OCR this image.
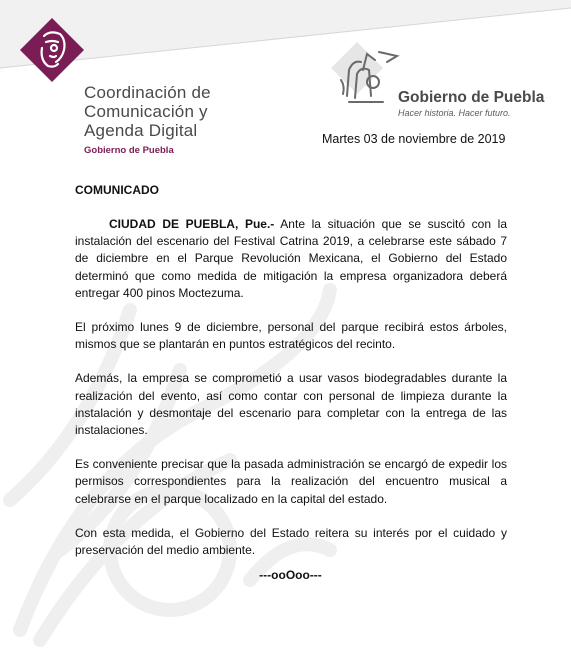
Coordinación de
Comunicación y
Agenda Digital
Gobierno de Puebla
Gobierno de Puebla
Hacer historia. Hacer futuro.
Martes 03 de noviembre de 2019
COMUNICADO

CIUDAD DE PUEBLA, Pue.- Ante la situación que se suscitó con la instalación del escenario del Festival Catrina 2019, a celebrarse este sábado 7 de diciembre en el Parque Revolución Mexicana, el Gobierno del Estado determinó que como medida de mitigación la empresa organizadora deberá entregar 400 pinos Moctezuma.

El próximo lunes 9 de diciembre, personal del parque recibirá estos árboles, mismos que se plantarán en puntos estratégicos del recinto.

Además, la empresa se comprometió a usar vasos biodegradables durante la realización del evento, así como contar con personal de limpieza durante la instalación y desmontaje del escenario para completar con la entrega de las instalaciones.

Es conveniente precisar que la pasada administración se encargó de expedir los permisos correspondientes para la realización del encuentro musical a celebrarse en el parque localizado en la capital del estado.

Con esta medida, el Gobierno del Estado reitera su interés por el cuidado y preservación del medio ambiente.

---ooOoo---
